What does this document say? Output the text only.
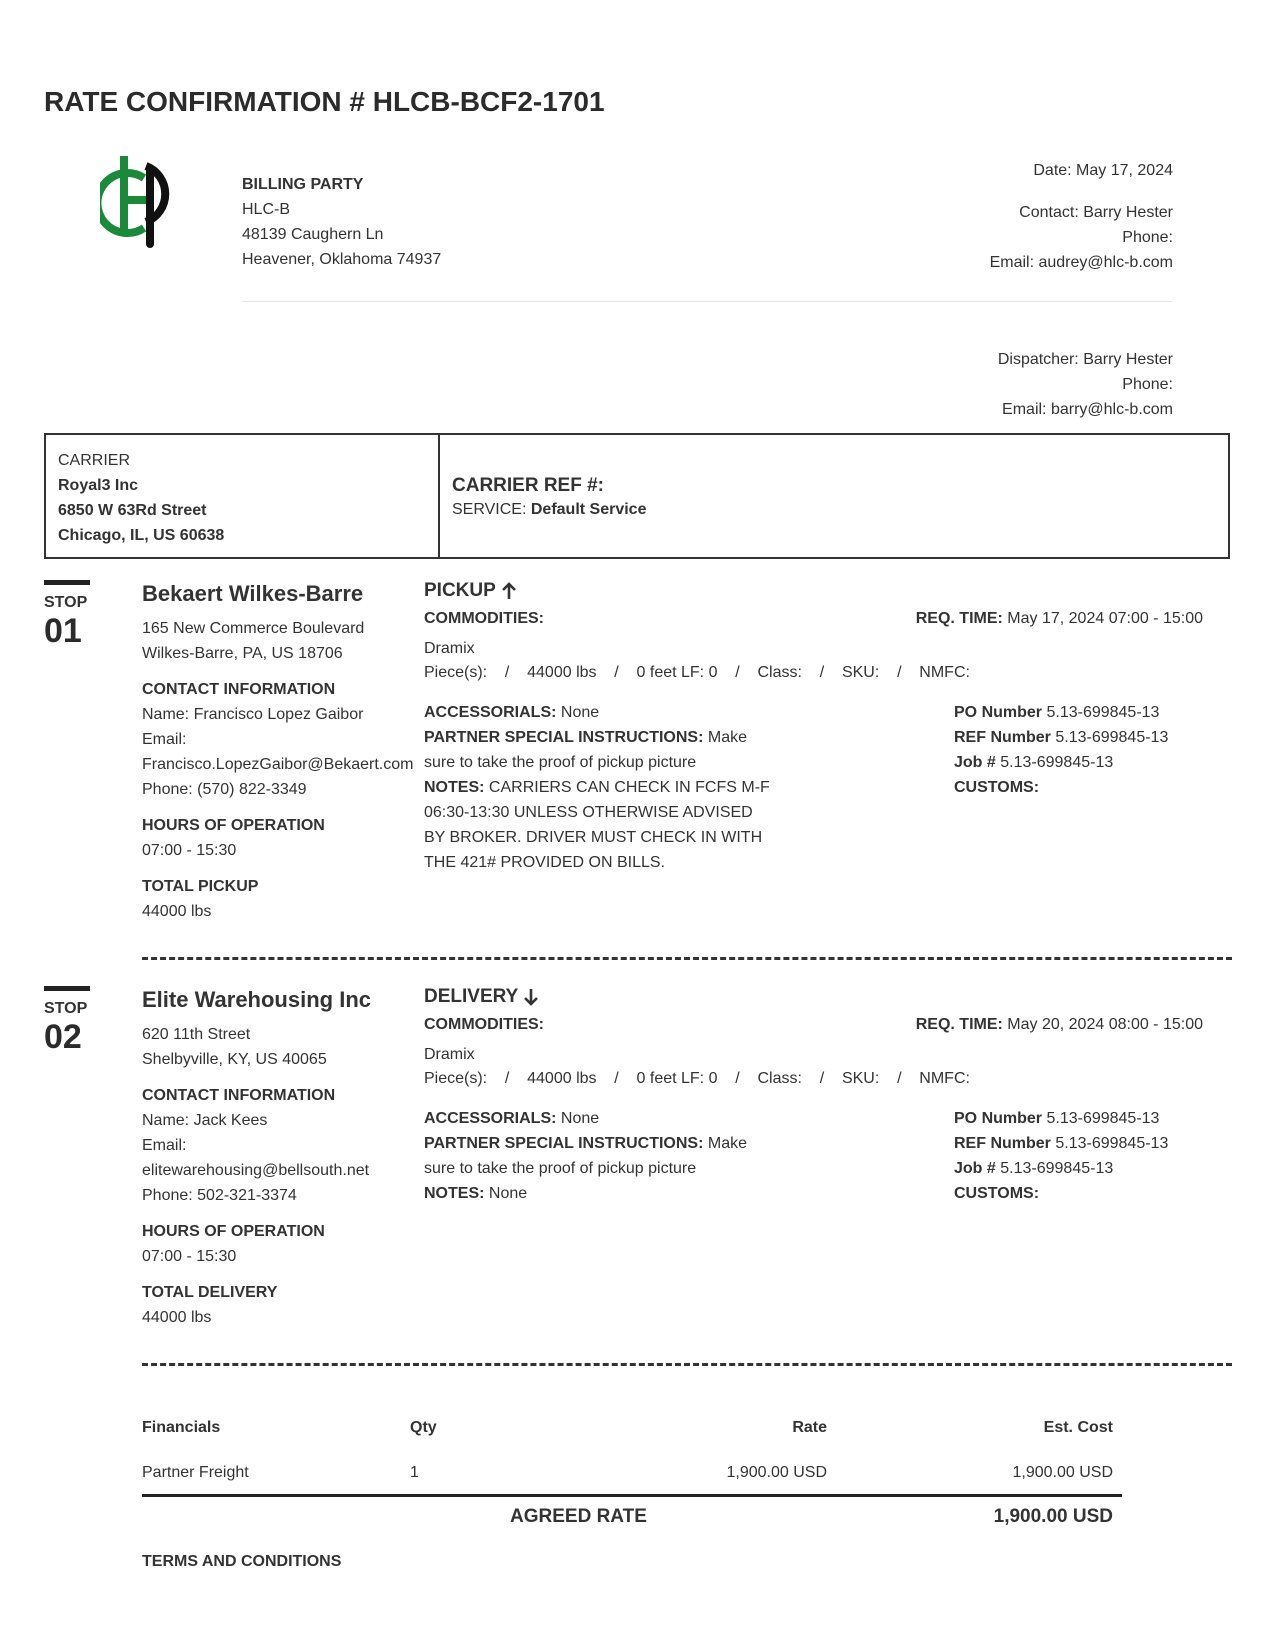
RATE CONFIRMATION # HLCB-BCF2-1701
BILLING PARTY
HLC-B
48139 Caughern Ln
Heavener, Oklahoma 74937
Date: May 17, 2024
Contact: Barry Hester
Phone:
Email: audrey@hlc-b.com
Dispatcher: Barry Hester
Phone:
Email: barry@hlc-b.com
CARRIER
Royal3 Inc
6850 W 63Rd Street
Chicago, IL, US 60638
CARRIER REF #:
SERVICE: Default Service
STOP
01
Bekaert Wilkes-Barre
165 New Commerce Boulevard
Wilkes-Barre, PA, US 18706
CONTACT INFORMATION
Name: Francisco Lopez Gaibor
Email:
Francisco.LopezGaibor@Bekaert.com
Phone: (570) 822-3349
HOURS OF OPERATION
07:00 - 15:30
TOTAL PICKUP
44000 lbs
PICKUP
COMMODITIES:	REQ. TIME: May 17, 2024 07:00 - 15:00
Dramix
Piece(s):    /    44000 lbs    /    0 feet LF: 0    /    Class:    /    SKU:    /    NMFC:
ACCESSORIALS: None
PARTNER SPECIAL INSTRUCTIONS: Make
sure to take the proof of pickup picture
NOTES: CARRIERS CAN CHECK IN FCFS M-F
06:30-13:30 UNLESS OTHERWISE ADVISED
BY BROKER. DRIVER MUST CHECK IN WITH
THE 421# PROVIDED ON BILLS.
PO Number 5.13-699845-13
REF Number 5.13-699845-13
Job # 5.13-699845-13
CUSTOMS:
STOP
02
Elite Warehousing Inc
620 11th Street
Shelbyville, KY, US 40065
CONTACT INFORMATION
Name: Jack Kees
Email:
elitewarehousing@bellsouth.net
Phone: 502-321-3374
HOURS OF OPERATION
07:00 - 15:30
TOTAL DELIVERY
44000 lbs
DELIVERY
COMMODITIES:	REQ. TIME: May 20, 2024 08:00 - 15:00
Dramix
Piece(s):    /    44000 lbs    /    0 feet LF: 0    /    Class:    /    SKU:    /    NMFC:
ACCESSORIALS: None
PARTNER SPECIAL INSTRUCTIONS: Make
sure to take the proof of pickup picture
NOTES: None
PO Number 5.13-699845-13
REF Number 5.13-699845-13
Job # 5.13-699845-13
CUSTOMS:
Financials	Qty	Rate	Est. Cost
Partner Freight	1	1,900.00 USD	1,900.00 USD
AGREED RATE	1,900.00 USD
TERMS AND CONDITIONS
